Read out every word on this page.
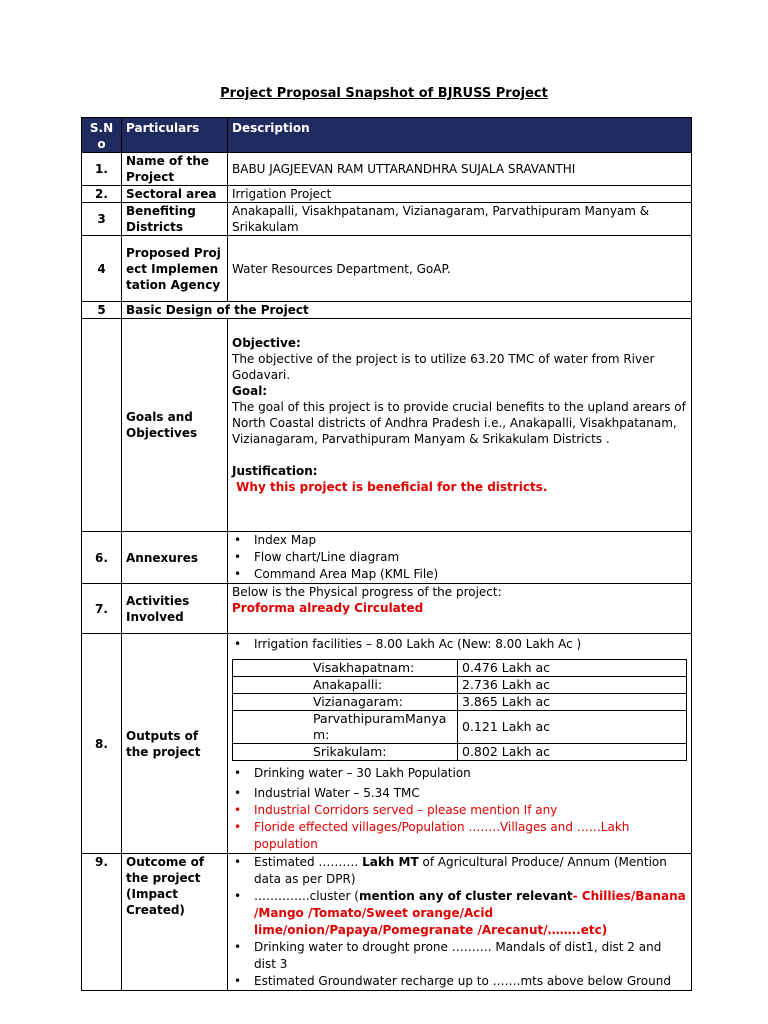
Project Proposal Snapshot of BJRUSS Project
S.N
o	Particulars	Description
1.	Name of the Project	BABU JAGJEEVAN RAM UTTARANDHRA SUJALA SRAVANTHI
2.	Sectoral area	Irrigation Project
3	Benefiting Districts	Anakapalli, Visakhpatanam, Vizianagaram, Parvathipuram Manyam & Srikakulam
4	Proposed Project Implementation Agency	Water Resources Department, GoAP.
5	Basic Design of the Project
	Goals and Objectives	
Objective:
The objective of the project is to utilize 63.20 TMC of water from River Godavari.
Goal:
The goal of this project is to provide crucial benefits to the upland arears of North Coastal districts of Andhra Pradesh i.e., Anakapalli, Visakhpatanam, Vizianagaram, Parvathipuram Manyam & Srikakulam Districts .
Justification:
Why this project is beneficial for the districts.

6.	Annexures	
• Index Map
• Flow chart/Line diagram
• Command Area Map (KML File)

7.	Activities Involved	
Below is the Physical progress of the project:
Proforma already Circulated

8.	Outputs of the project	
• Irrigation facilities – 8.00 Lakh Ac (New: 8.00 Lakh Ac )
Visakhapatnam:	0.476 Lakh ac
Anakapalli:	2.736 Lakh ac
Vizianagaram:	3.865 Lakh ac
ParvathipuramManyam:	0.121 Lakh ac
Srikakulam:	0.802 Lakh ac
• Drinking water – 30 Lakh Population
• Industrial Water – 5.34 TMC
• Industrial Corridors served – please mention If any
• Floride effected villages/Population ……..Villages and ……Lakh population

9.	Outcome of the project (Impact Created)	
• Estimated ………. Lakh MT of Agricultural Produce/ Annum (Mention data as per DPR)
• …………..cluster (mention any of cluster relevant- Chillies/Banana /Mango /Tomato/Sweet orange/Acid lime/onion/Papaya/Pomegranate /Arecanut/……..etc)
• Drinking water to drought prone ………. Mandals of dist1, dist 2 and dist 3
• Estimated Groundwater recharge up to …….mts above below Ground
